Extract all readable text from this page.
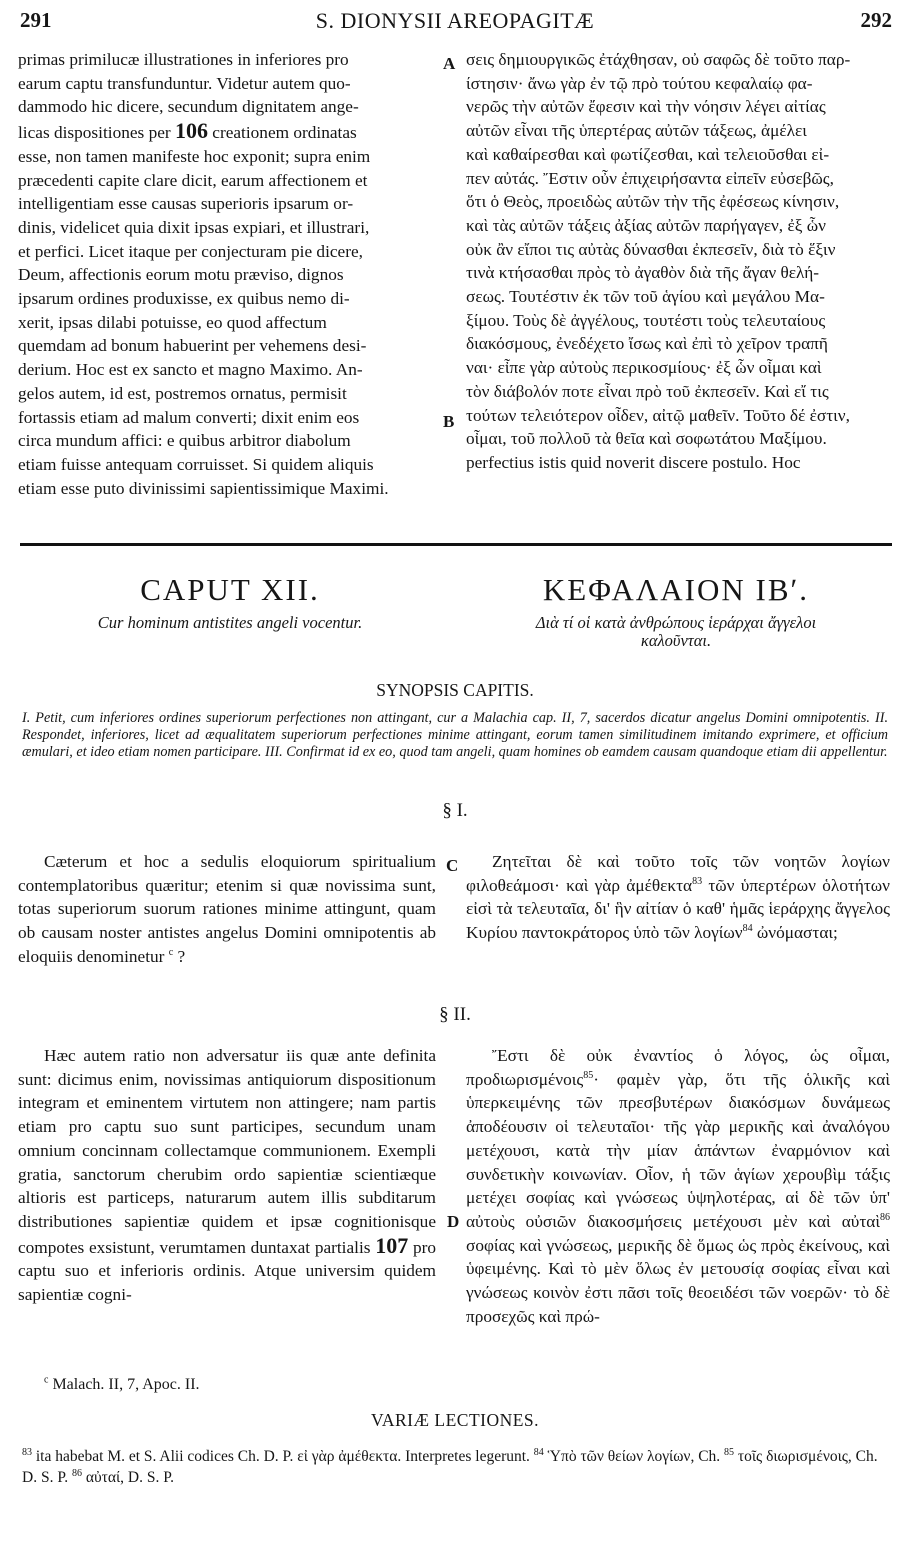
S. DIONYSII AREOPAGITÆ
291	292

primas primilucæ illustrationes in inferiores pro

earum captu transfunduntur. Videtur autem quo-

dammodo hic dicere, secundum dignitatem ange-

licas dispositiones per 106 creationem ordinatas

esse, non tamen manifeste hoc exponit; supra enim

præcedenti capite clare dicit, earum affectionem et

intelligentiam esse causas superioris ipsarum or-

dinis, videlicet quia dixit ipsas expiari, et illustrari,

et perfici. Licet itaque per conjecturam pie dicere,

Deum, affectionis eorum motu præviso, dignos

ipsarum ordines produxisse, ex quibus nemo di-

xerit, ipsas dilabi potuisse, eo quod affectum

quemdam ad bonum habuerint per vehemens desi-

derium. Hoc est ex sancto et magno Maximo. An-

gelos autem, id est, postremos ornatus, permisit

fortassis etiam ad malum converti; dixit enim eos

circa mundum affici: e quibus arbitror diabolum

etiam fuisse antequam corruisset. Si quidem aliquis

etiam esse puto divinissimi sapientissimique Maximi.

σεις δημιουργικῶς ἐτάχθησαν, οὐ σαφῶς δὲ τοῦτο παρ-

ίστησιν· ἄνω γὰρ ἐν τῷ πρὸ τούτου κεφαλαίῳ φα-

νερῶς τὴν αὐτῶν ἔφεσιν καὶ τὴν νόησιν λέγει αἰτίας

αὐτῶν εἶναι τῆς ὑπερτέρας αὐτῶν τάξεως, ἀμέλει

καὶ καθαίρεσθαι καὶ φωτίζεσθαι, καὶ τελειοῦσθαι εἰ-

πεν αὐτάς. Ἔστιν οὖν ἐπιχειρήσαντα εἰπεῖν εὐσεβῶς,

ὅτι ὁ Θεὸς, προειδὼς αὐτῶν τὴν τῆς ἐφέσεως κίνησιν,

καὶ τὰς αὐτῶν τάξεις ἀξίας αὐτῶν παρήγαγεν, ἐξ ὧν

οὐκ ἂν εἴποι τις αὐτὰς δύνασθαι ἐκπεσεῖν, διὰ τὸ ἕξιν

τινὰ κτήσασθαι πρὸς τὸ ἀγαθὸν διὰ τῆς ἄγαν θελή-

σεως. Τουτέστιν ἐκ τῶν τοῦ ἁγίου καὶ μεγάλου Μα-

ξίμου. Τοὺς δὲ ἀγγέλους, τουτέστι τοὺς τελευταίους

διακόσμους, ἐνεδέχετο ἴσως καὶ ἐπὶ τὸ χεῖρον τραπῆ

ναι· εἶπε γὰρ αὐτοὺς περικοσμίους· ἐξ ὧν οἶμαι καὶ

τὸν διάβολόν ποτε εἶναι πρὸ τοῦ ἐκπεσεῖν. Καὶ εἴ τις

τούτων τελειότερον οἶδεν, αἰτῷ μαθεῖν. Τοῦτο δέ ἐστιν,

οἶμαι, τοῦ πολλοῦ τὰ θεῖα καὶ σοφωτάτου Μαξίμου.

perfectius istis quid noverit discere postulo. Hoc

A
B
C
D
CAPUT XII.
Cur hominum antistites angeli vocentur.
ΚΕΦΑΛΑΙΟΝ ΙΒʹ.
Διὰ τί οἱ κατὰ ἀνθρώπους ἱεράρχαι ἄγγελοι
καλοῦνται.
SYNOPSIS CAPITIS.
I. Petit, cum inferiores ordines superiorum perfectiones non attingant, cur a Malachia cap. II, 7, sacerdos dicatur angelus Domini omnipotentis. II. Respondet, inferiores, licet ad æqualitatem superiorum perfectiones minime attingant, eorum tamen similitudinem imitando exprimere, et officium æmulari, et ideo etiam nomen participare. III. Confirmat id ex eo, quod tam angeli, quam homines ob eamdem causam quandoque etiam dii appellentur.
§ I.
Cæterum et hoc a sedulis eloquiorum spiritualium contemplatoribus quæritur; etenim si quæ novissima sunt, totas superiorum suorum rationes minime attingunt, quam ob causam noster antistes angelus Domini omnipotentis ab eloquiis denominetur $^c$ ?
Ζητεῖται δὲ καὶ τοῦτο τοῖς τῶν νοητῶν λογίων φιλοθεάμοσι· καὶ γὰρ ἀμέθεκτα$^{83}$ τῶν ὑπερτέρων ὁλοτήτων εἰσὶ τὰ τελευταῖα, δι' ἣν αἰτίαν ὁ καθ' ἡμᾶς ἱεράρχης ἄγγελος Κυρίου παντοκράτορος ὑπὸ τῶν λογίων$^{84}$ ὠνόμασται;
§ II.
Hæc autem ratio non adversatur iis quæ ante definita sunt: dicimus enim, novissimas antiquiorum dispositionum integram et eminentem virtutem non attingere; nam partis etiam pro captu suo sunt participes, secundum unam omnium concinnam collectamque communionem. Exempli gratia, sanctorum cherubim ordo sapientiæ scientiæque altioris est particeps, naturarum autem illis subditarum distributiones sapientiæ quidem et ipsæ cognitionisque compotes exsistunt, verumtamen duntaxat partialis 107 pro captu suo et inferioris ordinis. Atque universim quidem sapientiæ cogni-
Ἔστι δὲ οὐκ ἐναντίος ὁ λόγος, ὡς οἶμαι, προδιωρισμένοις$^{85}$· φαμὲν γὰρ, ὅτι τῆς ὁλικῆς καὶ ὑπερκειμένης τῶν πρεσβυτέρων διακόσμων δυνάμεως ἀποδέουσιν οἱ τελευταῖοι· τῆς γὰρ μερικῆς καὶ ἀναλόγου μετέχουσι, κατὰ τὴν μίαν ἁπάντων ἐναρμόνιον καὶ συνδετικὴν κοινωνίαν. Οἷον, ἡ τῶν ἁγίων χερουβὶμ τάξις μετέχει σοφίας καὶ γνώσεως ὑψηλοτέρας, αἱ δὲ τῶν ὑπ' αὐτοὺς οὐσιῶν διακοσμήσεις μετέχουσι μὲν καὶ αὐταὶ$^{86}$ σοφίας καὶ γνώσεως, μερικῆς δὲ ὅμως ὡς πρὸς ἐκείνους, καὶ ὑφειμένης. Καὶ τὸ μὲν ὅλως ἐν μετουσίᾳ σοφίας εἶναι καὶ γνώσεως κοινὸν ἐστι πᾶσι τοῖς θεοειδέσι τῶν νοερῶν· τὸ δὲ προσεχῶς καὶ πρώ-
$^c$ Malach. II, 7, Apoc. II.
VARIÆ LECTIONES.
$^{83}$ ita habebat M. et S. Alii codices Ch. D. P. εἰ γὰρ ἀμέθεκτα. Interpretes legerunt. $^{84}$ Ὑπὸ τῶν θείων λογίων, Ch. $^{85}$ τοῖς διωρισμένοις, Ch. D. S. P. $^{86}$ αὐταί, D. S. P.
